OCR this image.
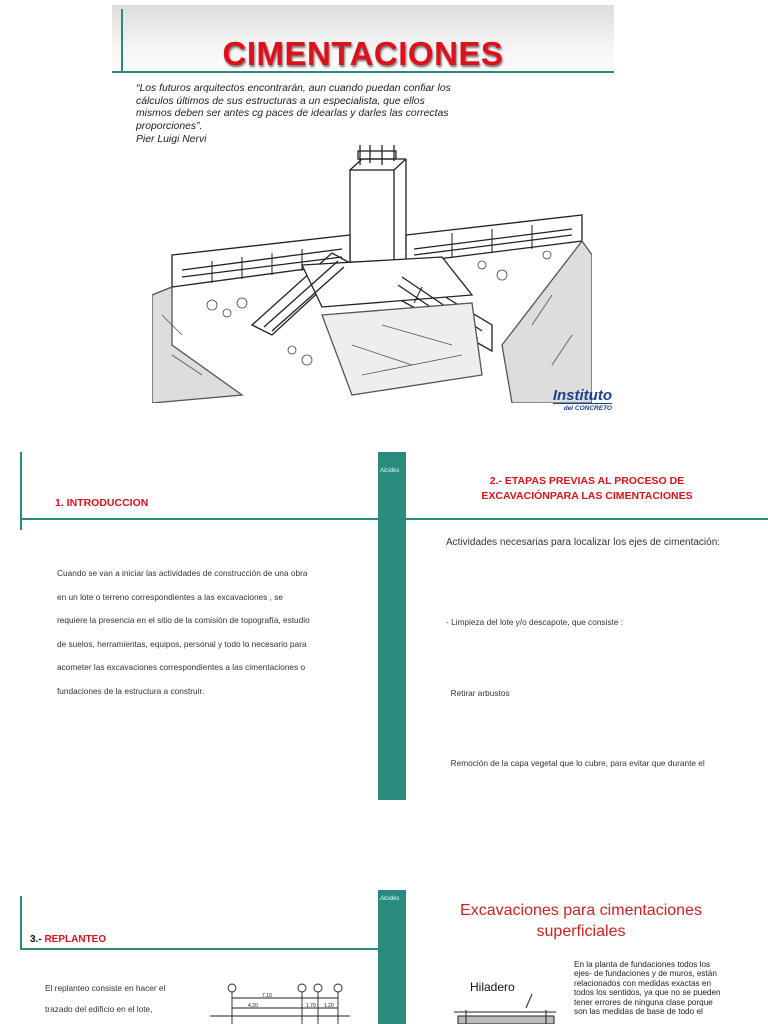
CIMENTACIONES

“Los futuros arquitectos encontrarán, aun cuando puedan confiar los
cálculos últimos de sus estructuras a un especialista, que ellos
mismos deben ser antes cg paces de idearlas y darles las correctas
proporciones”.

Pier Luigi Nervi
Instituto
del CONCRETO
1. INTRODUCCION

Cuando se van a iniciar las actividades de construcción de una obra

en un lote o terreno correspondientes a las excavaciones , se

requiere la presencia en el sitio de la comisión de topografía, estudio

de suelos, herramientas, equipos, personal y todo lo necesario para

acometer las excavaciones correspondientes a las cimentaciones o

fundaciones de la estructura a construir.

Alcides
2.- ETAPAS PREVIAS AL PROCESO DE
EXCAVACIÓNPARA LAS CIMENTACIONES
Actividades necesarias para localizar los ejes de cimentación:

- Limpieza del lote y/o descapote, que consiste :

Retirar arbustos

Remoción de la capa vegetal que lo cubre, para evitar que durante el

3.- REPLANTEO

El replanteo consiste en hacer el

trazado del edificio en el lote,

7.10
4.20	1.70 1.20
Alcides
Excavaciones para cimentaciones
superficiales
Hiladero

En la planta de fundaciones todos los

ejes- de fundaciones y de muros, están

relacionados con medidas exactas en

todos los sentidos, ya que no se pueden

tener errores de ninguna clase porque

son las medidas de base de todo el
